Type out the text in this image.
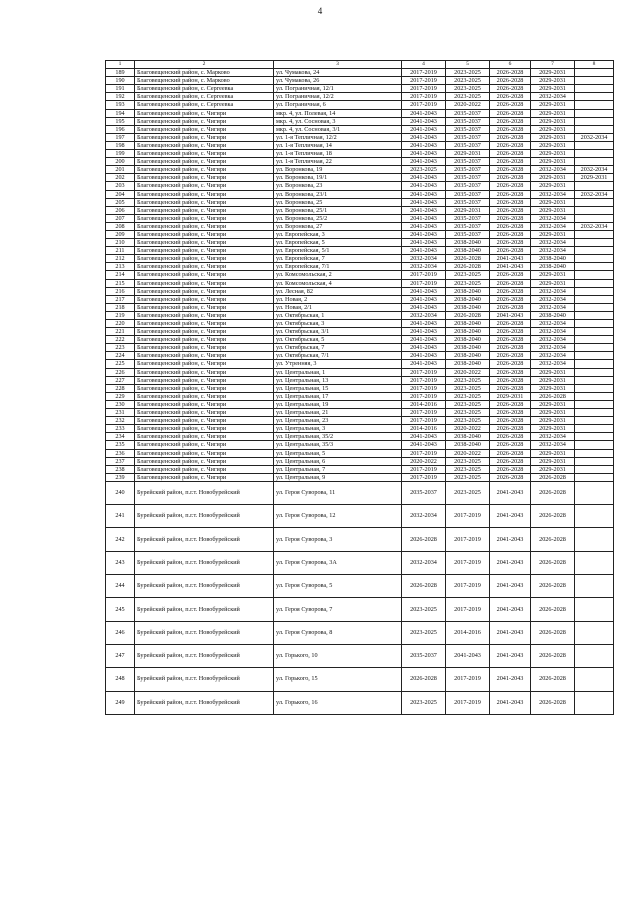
4
1	2	3	4	5	6	7	8
189	Благовещенский район, с. Марково	ул. Чумакова, 24	2017-2019	2023-2025	2026-2028	2029-2031	
190	Благовещенский район, с. Марково	ул. Чумакова, 26	2017-2019	2023-2025	2026-2028	2029-2031	
191	Благовещенский район, с. Сергеевка	ул. Пограничная, 12/1	2017-2019	2023-2025	2026-2028	2029-2031	
192	Благовещенский район, с. Сергеевка	ул. Пограничная, 12/2	2017-2019	2023-2025	2026-2028	2032-2034	
193	Благовещенский район, с. Сергеевка	ул. Пограничная, 6	2017-2019	2020-2022	2026-2028	2029-2031	
194	Благовещенский район, с. Чигири	мкр. 4, ул. Полевая, 14	2041-2043	2035-2037	2026-2028	2029-2031	
195	Благовещенский район, с. Чигири	мкр. 4, ул. Сосновая, 3	2041-2043	2035-2037	2026-2028	2029-2031	
196	Благовещенский район, с. Чигири	мкр. 4, ул. Сосновая, 3/1	2041-2043	2035-2037	2026-2028	2029-2031	
197	Благовещенский район, с. Чигири	ул. 1-я Тепличная, 12/2	2041-2043	2035-2037	2026-2028	2029-2031	2032-2034
198	Благовещенский район, с. Чигири	ул. 1-я Тепличная, 14	2041-2043	2035-2037	2026-2028	2029-2031	
199	Благовещенский район, с. Чигири	ул. 1-я Тепличная, 18	2041-2043	2029-2031	2026-2028	2029-2031	
200	Благовещенский район, с. Чигири	ул. 1-я Тепличная, 22	2041-2043	2035-2037	2026-2028	2029-2031	
201	Благовещенский район, с. Чигири	ул. Воронкова, 19	2023-2025	2035-2037	2026-2028	2032-2034	2032-2034
202	Благовещенский район, с. Чигири	ул. Воронкова, 19/1	2041-2043	2035-2037	2026-2028	2029-2031	2029-2031
203	Благовещенский район, с. Чигири	ул. Воронкова, 23	2041-2043	2035-2037	2026-2028	2029-2031	
204	Благовещенский район, с. Чигири	ул. Воронкова, 23/1	2041-2043	2035-2037	2026-2028	2032-2034	2032-2034
205	Благовещенский район, с. Чигири	ул. Воронкова, 25	2041-2043	2035-2037	2026-2028	2029-2031	
206	Благовещенский район, с. Чигири	ул. Воронкова, 25/1	2041-2043	2029-2031	2026-2028	2029-2031	
207	Благовещенский район, с. Чигири	ул. Воронкова, 25/2	2041-2043	2035-2037	2026-2028	2032-2034	
208	Благовещенский район, с. Чигири	ул. Воронкова, 27	2041-2043	2035-2037	2026-2028	2032-2034	2032-2034
209	Благовещенский район, с. Чигири	ул. Европейская, 3	2041-2043	2035-2037	2026-2028	2029-2031	
210	Благовещенский район, с. Чигири	ул. Европейская, 5	2041-2043	2038-2040	2026-2028	2032-2034	
211	Благовещенский район, с. Чигири	ул. Европейская, 5/1	2041-2043	2038-2040	2026-2028	2032-2034	
212	Благовещенский район, с. Чигири	ул. Европейская, 7	2032-2034	2026-2028	2041-2043	2038-2040	
213	Благовещенский район, с. Чигири	ул. Европейская, 7/1	2032-2034	2026-2028	2041-2043	2038-2040	
214	Благовещенский район, с. Чигири	ул. Комсомольская, 2	2017-2019	2023-2025	2026-2028	2029-2031	
215	Благовещенский район, с. Чигири	ул. Комсомольская, 4	2017-2019	2023-2025	2026-2028	2029-2031	
216	Благовещенский район, с. Чигири	ул. Лесная, 82	2041-2043	2038-2040	2026-2028	2032-2034	
217	Благовещенский район, с. Чигири	ул. Новая, 2	2041-2043	2038-2040	2026-2028	2032-2034	
218	Благовещенский район, с. Чигири	ул. Новая, 2/1	2041-2043	2038-2040	2026-2028	2032-2034	
219	Благовещенский район, с. Чигири	ул. Октябрьская, 1	2032-2034	2026-2028	2041-2043	2038-2040	
220	Благовещенский район, с. Чигири	ул. Октябрьская, 3	2041-2043	2038-2040	2026-2028	2032-2034	
221	Благовещенский район, с. Чигири	ул. Октябрьская, 3/1	2041-2043	2038-2040	2026-2028	2032-2034	
222	Благовещенский район, с. Чигири	ул. Октябрьская, 5	2041-2043	2038-2040	2026-2028	2032-2034	
223	Благовещенский район, с. Чигири	ул. Октябрьская, 7	2041-2043	2038-2040	2026-2028	2032-2034	
224	Благовещенский район, с. Чигири	ул. Октябрьская, 7/1	2041-2043	2038-2040	2026-2028	2032-2034	
225	Благовещенский район, с. Чигири	ул. Утренняя, 3	2041-2043	2038-2040	2026-2028	2032-2034	
226	Благовещенский район, с. Чигири	ул. Центральная, 1	2017-2019	2020-2022	2026-2028	2029-2031	
227	Благовещенский район, с. Чигири	ул. Центральная, 13	2017-2019	2023-2025	2026-2028	2029-2031	
228	Благовещенский район, с. Чигири	ул. Центральная, 15	2017-2019	2023-2025	2026-2028	2029-2031	
229	Благовещенский район, с. Чигири	ул. Центральная, 17	2017-2019	2023-2025	2029-2031	2026-2028	
230	Благовещенский район, с. Чигири	ул. Центральная, 19	2014-2016	2023-2025	2026-2028	2029-2031	
231	Благовещенский район, с. Чигири	ул. Центральная, 21	2017-2019	2023-2025	2026-2028	2029-2031	
232	Благовещенский район, с. Чигири	ул. Центральная, 23	2017-2019	2023-2025	2026-2028	2029-2031	
233	Благовещенский район, с. Чигири	ул. Центральная, 3	2014-2016	2020-2022	2026-2028	2029-2031	
234	Благовещенский район, с. Чигири	ул. Центральная, 35/2	2041-2043	2038-2040	2026-2028	2032-2034	
235	Благовещенский район, с. Чигири	ул. Центральная, 35/3	2041-2043	2038-2040	2026-2028	2032-2034	
236	Благовещенский район, с. Чигири	ул. Центральная, 5	2017-2019	2020-2022	2026-2028	2029-2031	
237	Благовещенский район, с. Чигири	ул. Центральная, 6	2020-2022	2023-2025	2026-2028	2029-2031	
238	Благовещенский район, с. Чигири	ул. Центральная, 7	2017-2019	2023-2025	2026-2028	2029-2031	
239	Благовещенский район, с. Чигири	ул. Центральная, 9	2017-2019	2023-2025	2026-2028	2026-2028	
240	Бурейский район, п.г.т. Новобурейский	ул. Героя Суворова, 11	2035-2037	2023-2025	2041-2043	2026-2028	
241	Бурейский район, п.г.т. Новобурейский	ул. Героя Суворова, 12	2032-2034	2017-2019	2041-2043	2026-2028	
242	Бурейский район, п.г.т. Новобурейский	ул. Героя Суворова, 3	2026-2028	2017-2019	2041-2043	2026-2028	
243	Бурейский район, п.г.т. Новобурейский	ул. Героя Суворова, 3А	2032-2034	2017-2019	2041-2043	2026-2028	
244	Бурейский район, п.г.т. Новобурейский	ул. Героя Суворова, 5	2026-2028	2017-2019	2041-2043	2026-2028	
245	Бурейский район, п.г.т. Новобурейский	ул. Героя Суворова, 7	2023-2025	2017-2019	2041-2043	2026-2028	
246	Бурейский район, п.г.т. Новобурейский	ул. Героя Суворова, 8	2023-2025	2014-2016	2041-2043	2026-2028	
247	Бурейский район, п.г.т. Новобурейский	ул. Горького, 10	2035-2037	2041-2043	2041-2043	2026-2028	
248	Бурейский район, п.г.т. Новобурейский	ул. Горького, 15	2026-2028	2017-2019	2041-2043	2026-2028	
249	Бурейский район, п.г.т. Новобурейский	ул. Горького, 16	2023-2025	2017-2019	2041-2043	2026-2028	
